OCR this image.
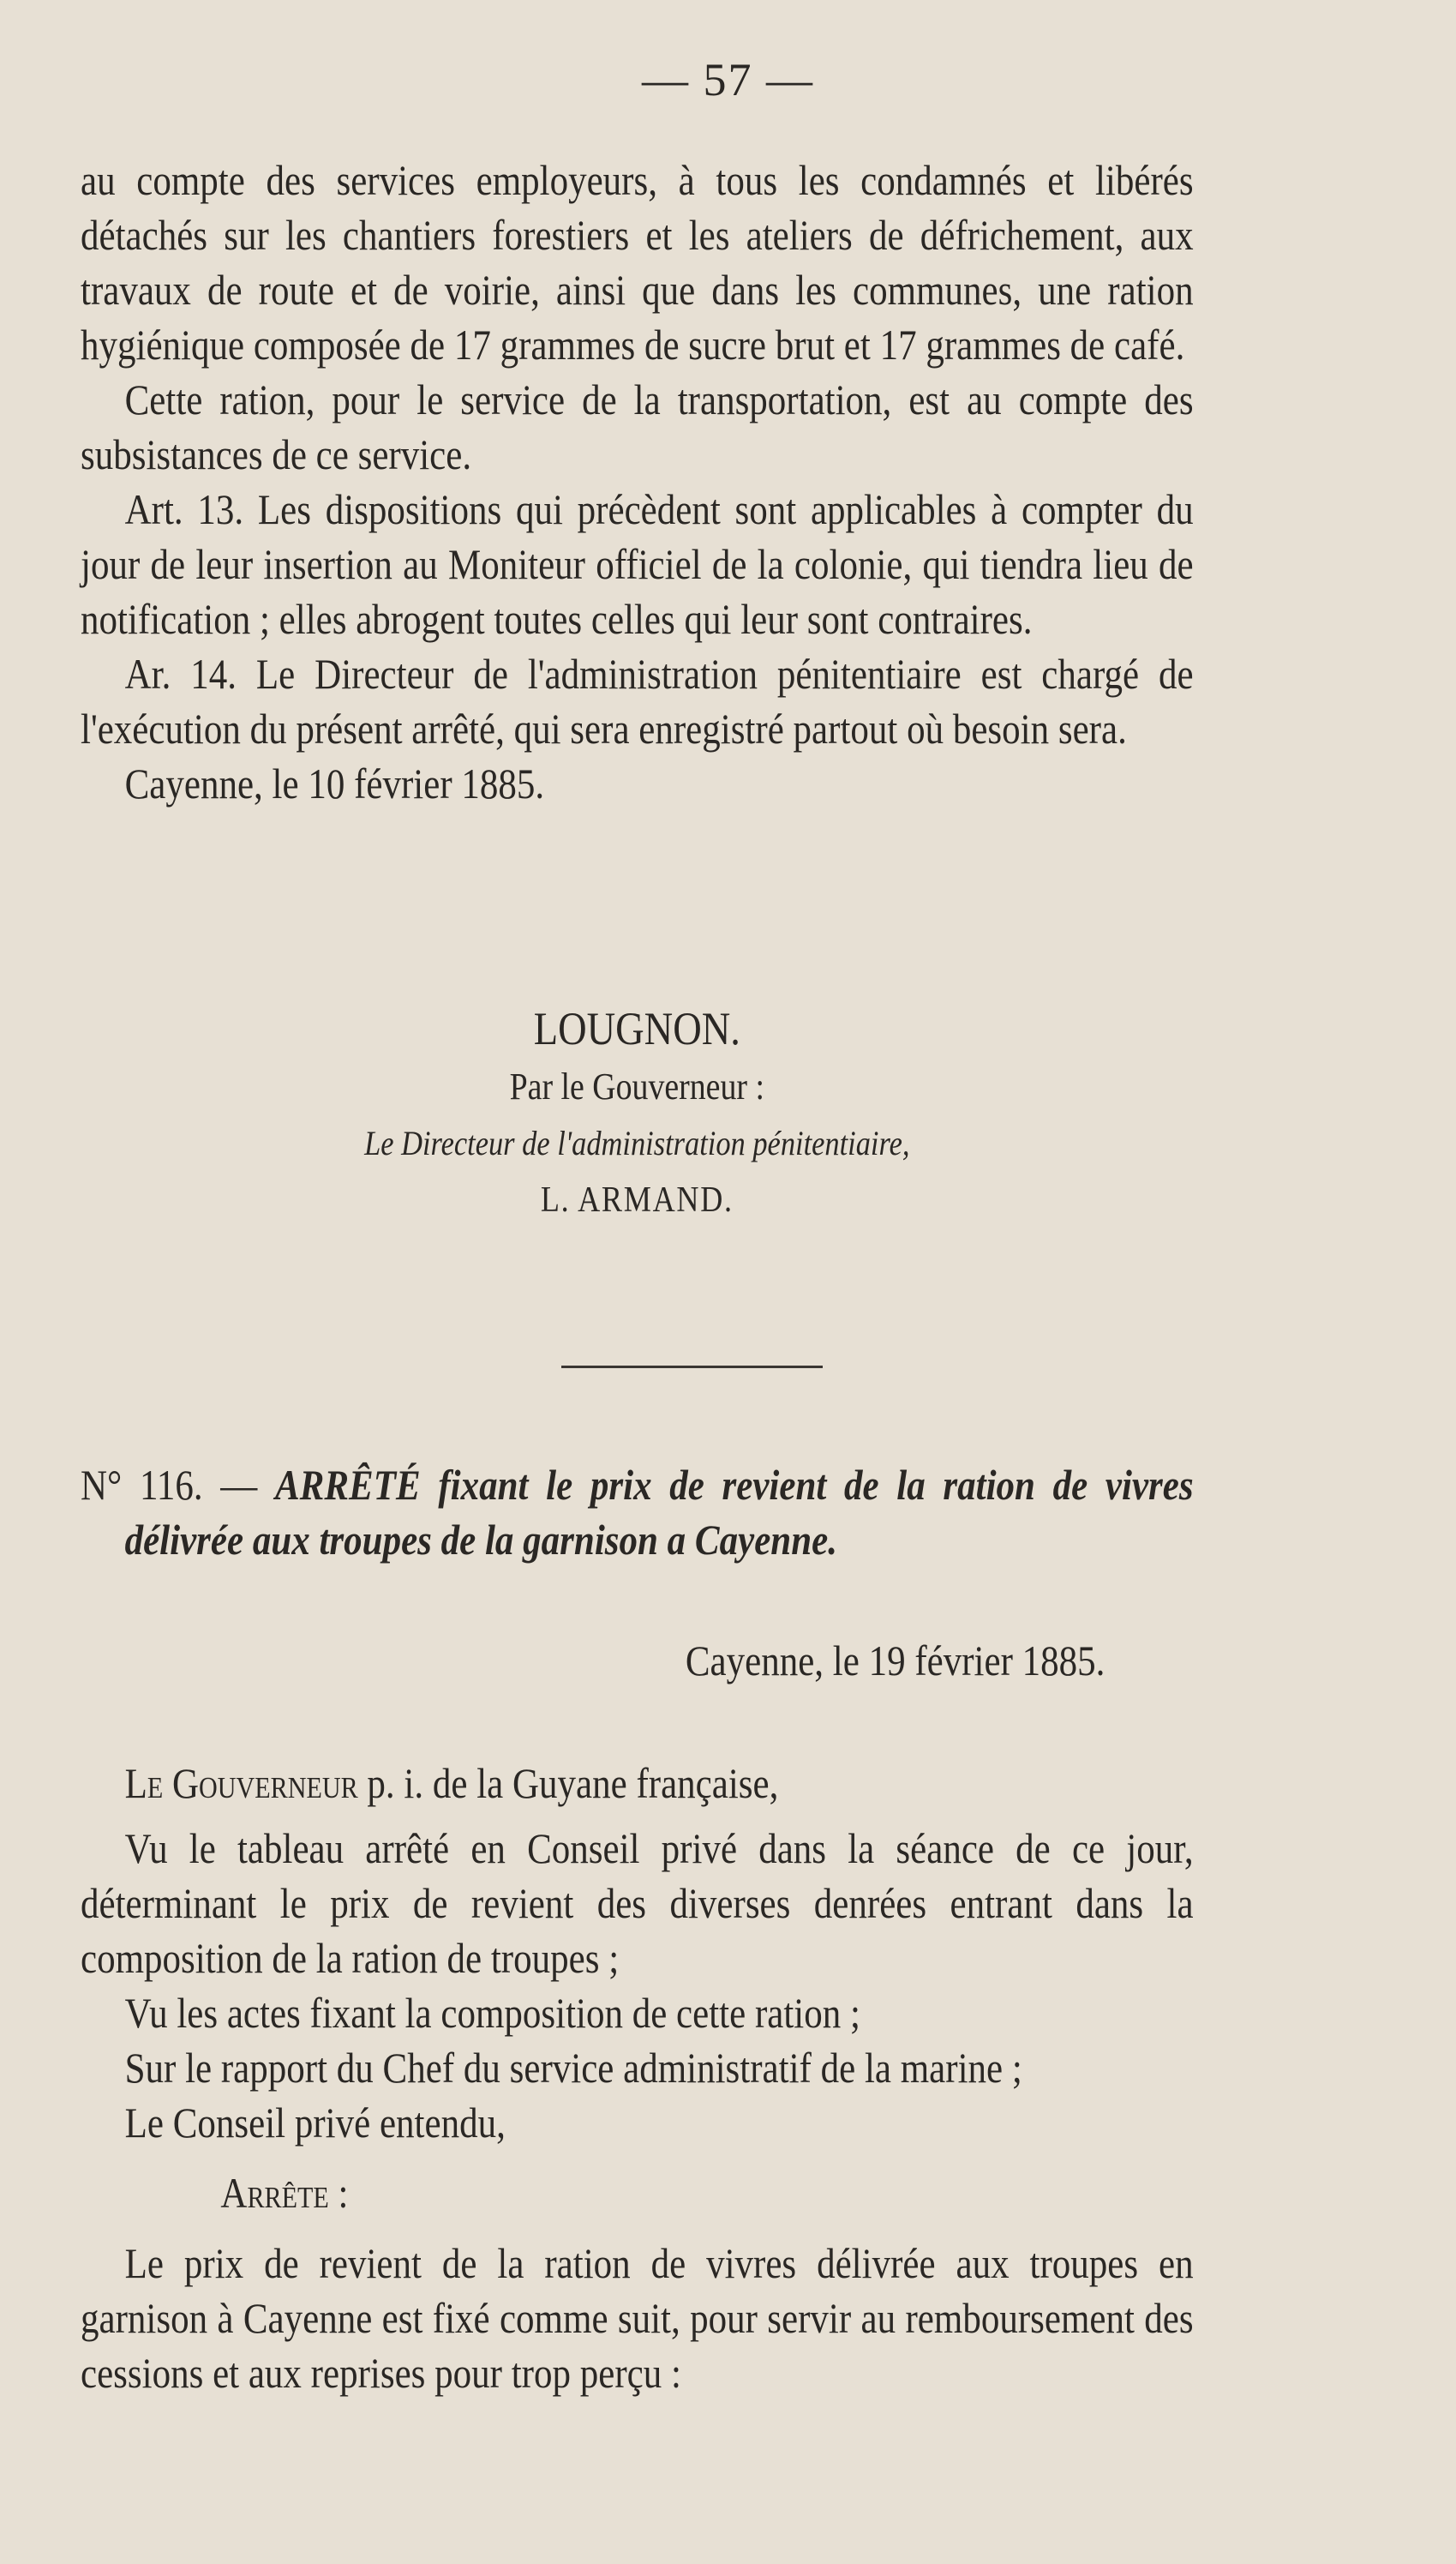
— 57 —

au compte des services employeurs, à tous les condamnés et libérés détachés sur les chantiers forestiers et les ateliers de défrichement, aux travaux de route et de voirie, ainsi que dans les communes, une ration hygiénique composée de 17 grammes de sucre brut et 17 grammes de café.

Cette ration, pour le service de la transportation, est au compte des subsistances de ce service.

Art. 13. Les dispositions qui précèdent sont applicables à compter du jour de leur insertion au Moniteur officiel de la colonie, qui tiendra lieu de notification ; elles abrogent toutes celles qui leur sont contraires.

Ar. 14. Le Directeur de l'administration pénitentiaire est chargé de l'exécution du présent arrêté, qui sera enregistré partout où besoin sera.

Cayenne, le 10 février 1885.

LOUGNON.

Par le Gouverneur :

Le Directeur de l'administration pénitentiaire,

L. ARMAND.

N° 116. — ARRÊTÉ fixant le prix de revient de la ration de vivres délivrée aux troupes de la garnison a Cayenne.

Cayenne, le 19 février 1885.

Le Gouverneur p. i. de la Guyane française,

Vu le tableau arrêté en Conseil privé dans la séance de ce jour, déterminant le prix de revient des diverses denrées entrant dans la composition de la ration de troupes ;

Vu les actes fixant la composition de cette ration ;

Sur le rapport du Chef du service administratif de la marine ;

Le Conseil privé entendu,

Arrête :

Le prix de revient de la ration de vivres délivrée aux troupes en garnison à Cayenne est fixé comme suit, pour servir au remboursement des cessions et aux reprises pour trop perçu :
